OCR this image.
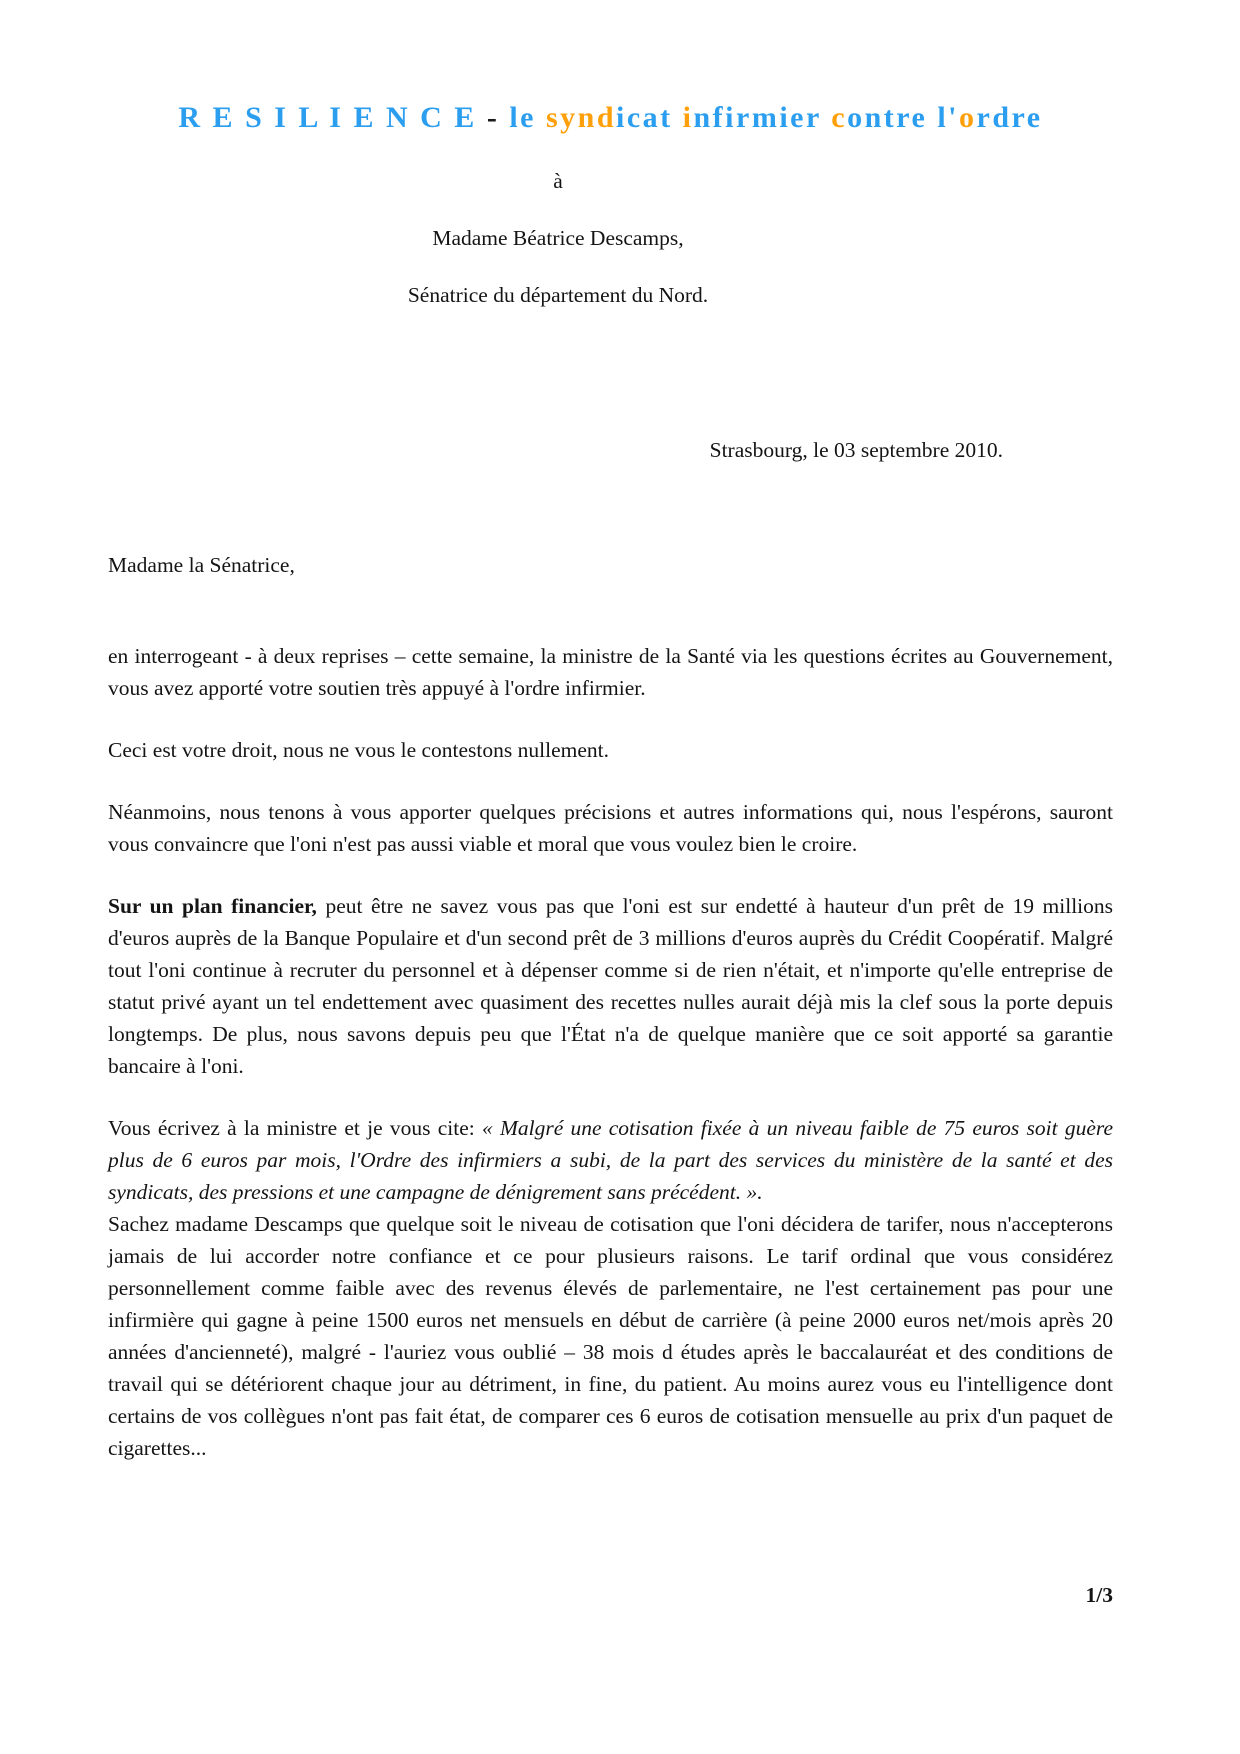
R E S I L I E N C E - le syndicat infirmier contre l'ordre
à
Madame Béatrice Descamps,
Sénatrice du département du Nord.
Strasbourg, le 03 septembre 2010.
Madame la Sénatrice,

en interrogeant - à deux reprises – cette semaine, la ministre de la Santé via les questions écrites au Gouvernement, vous avez apporté votre soutien très appuyé à l'ordre infirmier.

Ceci est votre droit, nous ne vous le contestons nullement.

Néanmoins, nous tenons à vous apporter quelques précisions et autres informations qui, nous l'espérons, sauront vous convaincre que l'oni n'est pas aussi viable et moral que vous voulez bien le croire.

Sur un plan financier, peut être ne savez vous pas que l'oni est sur endetté à hauteur d'un prêt de 19 millions d'euros auprès de la Banque Populaire et d'un second prêt de 3 millions d'euros auprès du Crédit Coopératif. Malgré tout l'oni continue à recruter du personnel et à dépenser comme si de rien n'était, et n'importe qu'elle entreprise de statut privé ayant un tel endettement avec quasiment des recettes nulles aurait déjà mis la clef sous la porte depuis longtemps. De plus, nous savons depuis peu que l'État n'a de quelque manière que ce soit apporté sa garantie bancaire à l'oni.

Vous écrivez à la ministre et je vous cite: « Malgré une cotisation fixée à un niveau faible de 75 euros soit guère plus de 6 euros par mois, l'Ordre des infirmiers a subi, de la part des services du ministère de la santé et des syndicats, des pressions et une campagne de dénigrement sans précédent. ».

Sachez madame Descamps que quelque soit le niveau de cotisation que l'oni décidera de tarifer, nous n'accepterons jamais de lui accorder notre confiance et ce pour plusieurs raisons. Le tarif ordinal que vous considérez personnellement comme faible avec des revenus élevés de parlementaire, ne l'est certainement pas pour une infirmière qui gagne à peine 1500 euros net mensuels en début de carrière (à peine 2000 euros net/mois après 20 années d'ancienneté), malgré - l'auriez vous oublié – 38 mois d études après le baccalauréat et des conditions de travail qui se détériorent chaque jour au détriment, in fine, du patient. Au moins aurez vous eu l'intelligence dont certains de vos collègues n'ont pas fait état, de comparer ces 6 euros de cotisation mensuelle au prix d'un paquet de cigarettes...

1/3
